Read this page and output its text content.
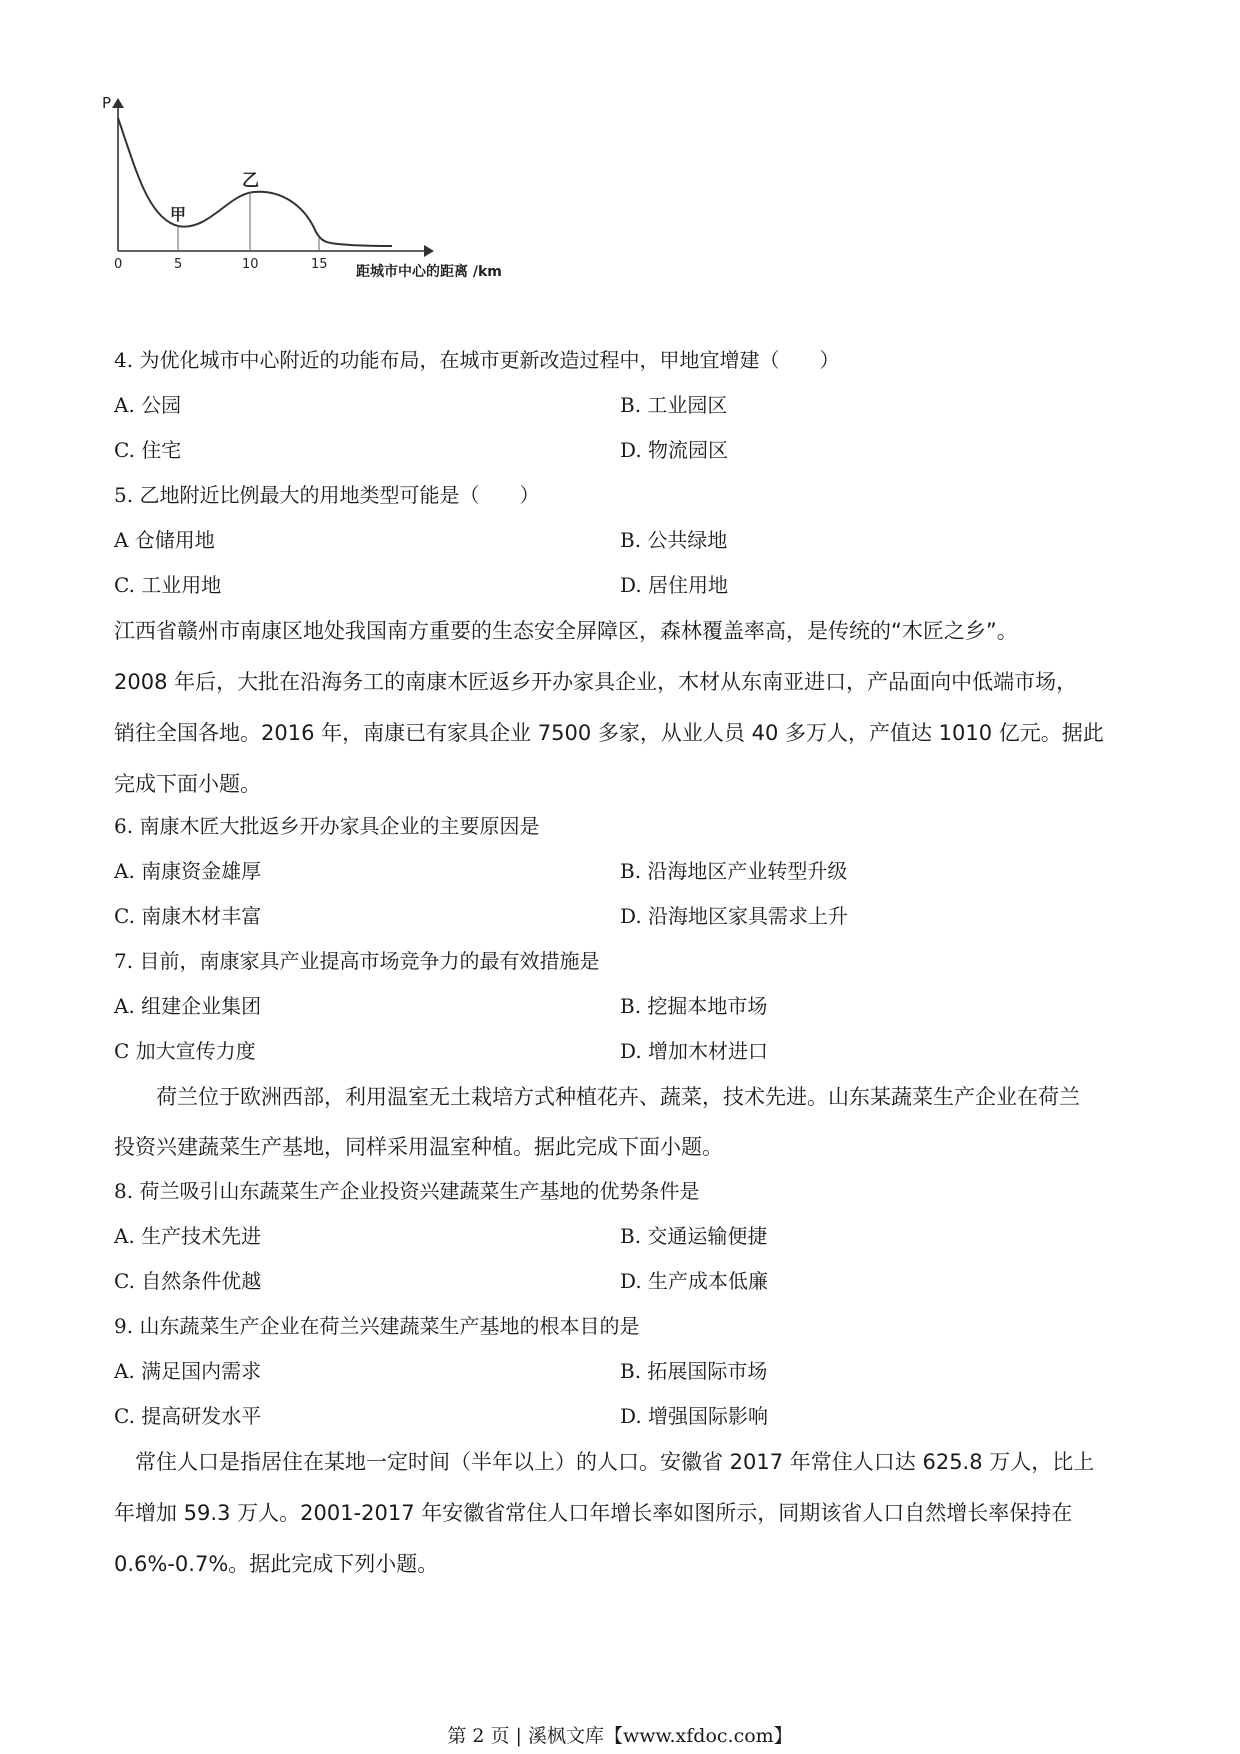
P
甲
乙
0	5	10	15 距城市中心的距离 /km
4. 为优化城市中心附近的功能布局，在城市更新改造过程中，甲地宜增建（　　）
A. 公园	B. 工业园区
C. 住宅	D. 物流园区
5. 乙地附近比例最大的用地类型可能是（　　）
A 仓储用地	B. 公共绿地
C. 工业用地	D. 居住用地
江西省赣州市南康区地处我国南方重要的生态安全屏障区，森林覆盖率高，是传统的“木匠之乡”。
2008 年后，大批在沿海务工的南康木匠返乡开办家具企业，木材从东南亚进口，产品面向中低端市场，
销往全国各地。2016 年，南康已有家具企业 7500 多家，从业人员 40 多万人，产值达 1010 亿元。据此
完成下面小题。
6. 南康木匠大批返乡开办家具企业的主要原因是
A. 南康资金雄厚	B. 沿海地区产业转型升级
C. 南康木材丰富	D. 沿海地区家具需求上升
7. 目前，南康家具产业提高市场竞争力的最有效措施是
A. 组建企业集团	B. 挖掘本地市场
C 加大宣传力度	D. 增加木材进口
　　荷兰位于欧洲西部，利用温室无土栽培方式种植花卉、蔬菜，技术先进。山东某蔬菜生产企业在荷兰
投资兴建蔬菜生产基地，同样采用温室种植。据此完成下面小题。
8. 荷兰吸引山东蔬菜生产企业投资兴建蔬菜生产基地的优势条件是
A. 生产技术先进	B. 交通运输便捷
C. 自然条件优越	D. 生产成本低廉
9. 山东蔬菜生产企业在荷兰兴建蔬菜生产基地的根本目的是
A. 满足国内需求	B. 拓展国际市场
C. 提高研发水平	D. 增强国际影响
　常住人口是指居住在某地一定时间（半年以上）的人口。安徽省 2017 年常住人口达 625.8 万人，比上
年增加 59.3 万人。2001-2017 年安徽省常住人口年增长率如图所示，同期该省人口自然增长率保持在
0.6%-0.7%。据此完成下列小题。
第 2 页 | 溪枫文库【www.xfdoc.com】
